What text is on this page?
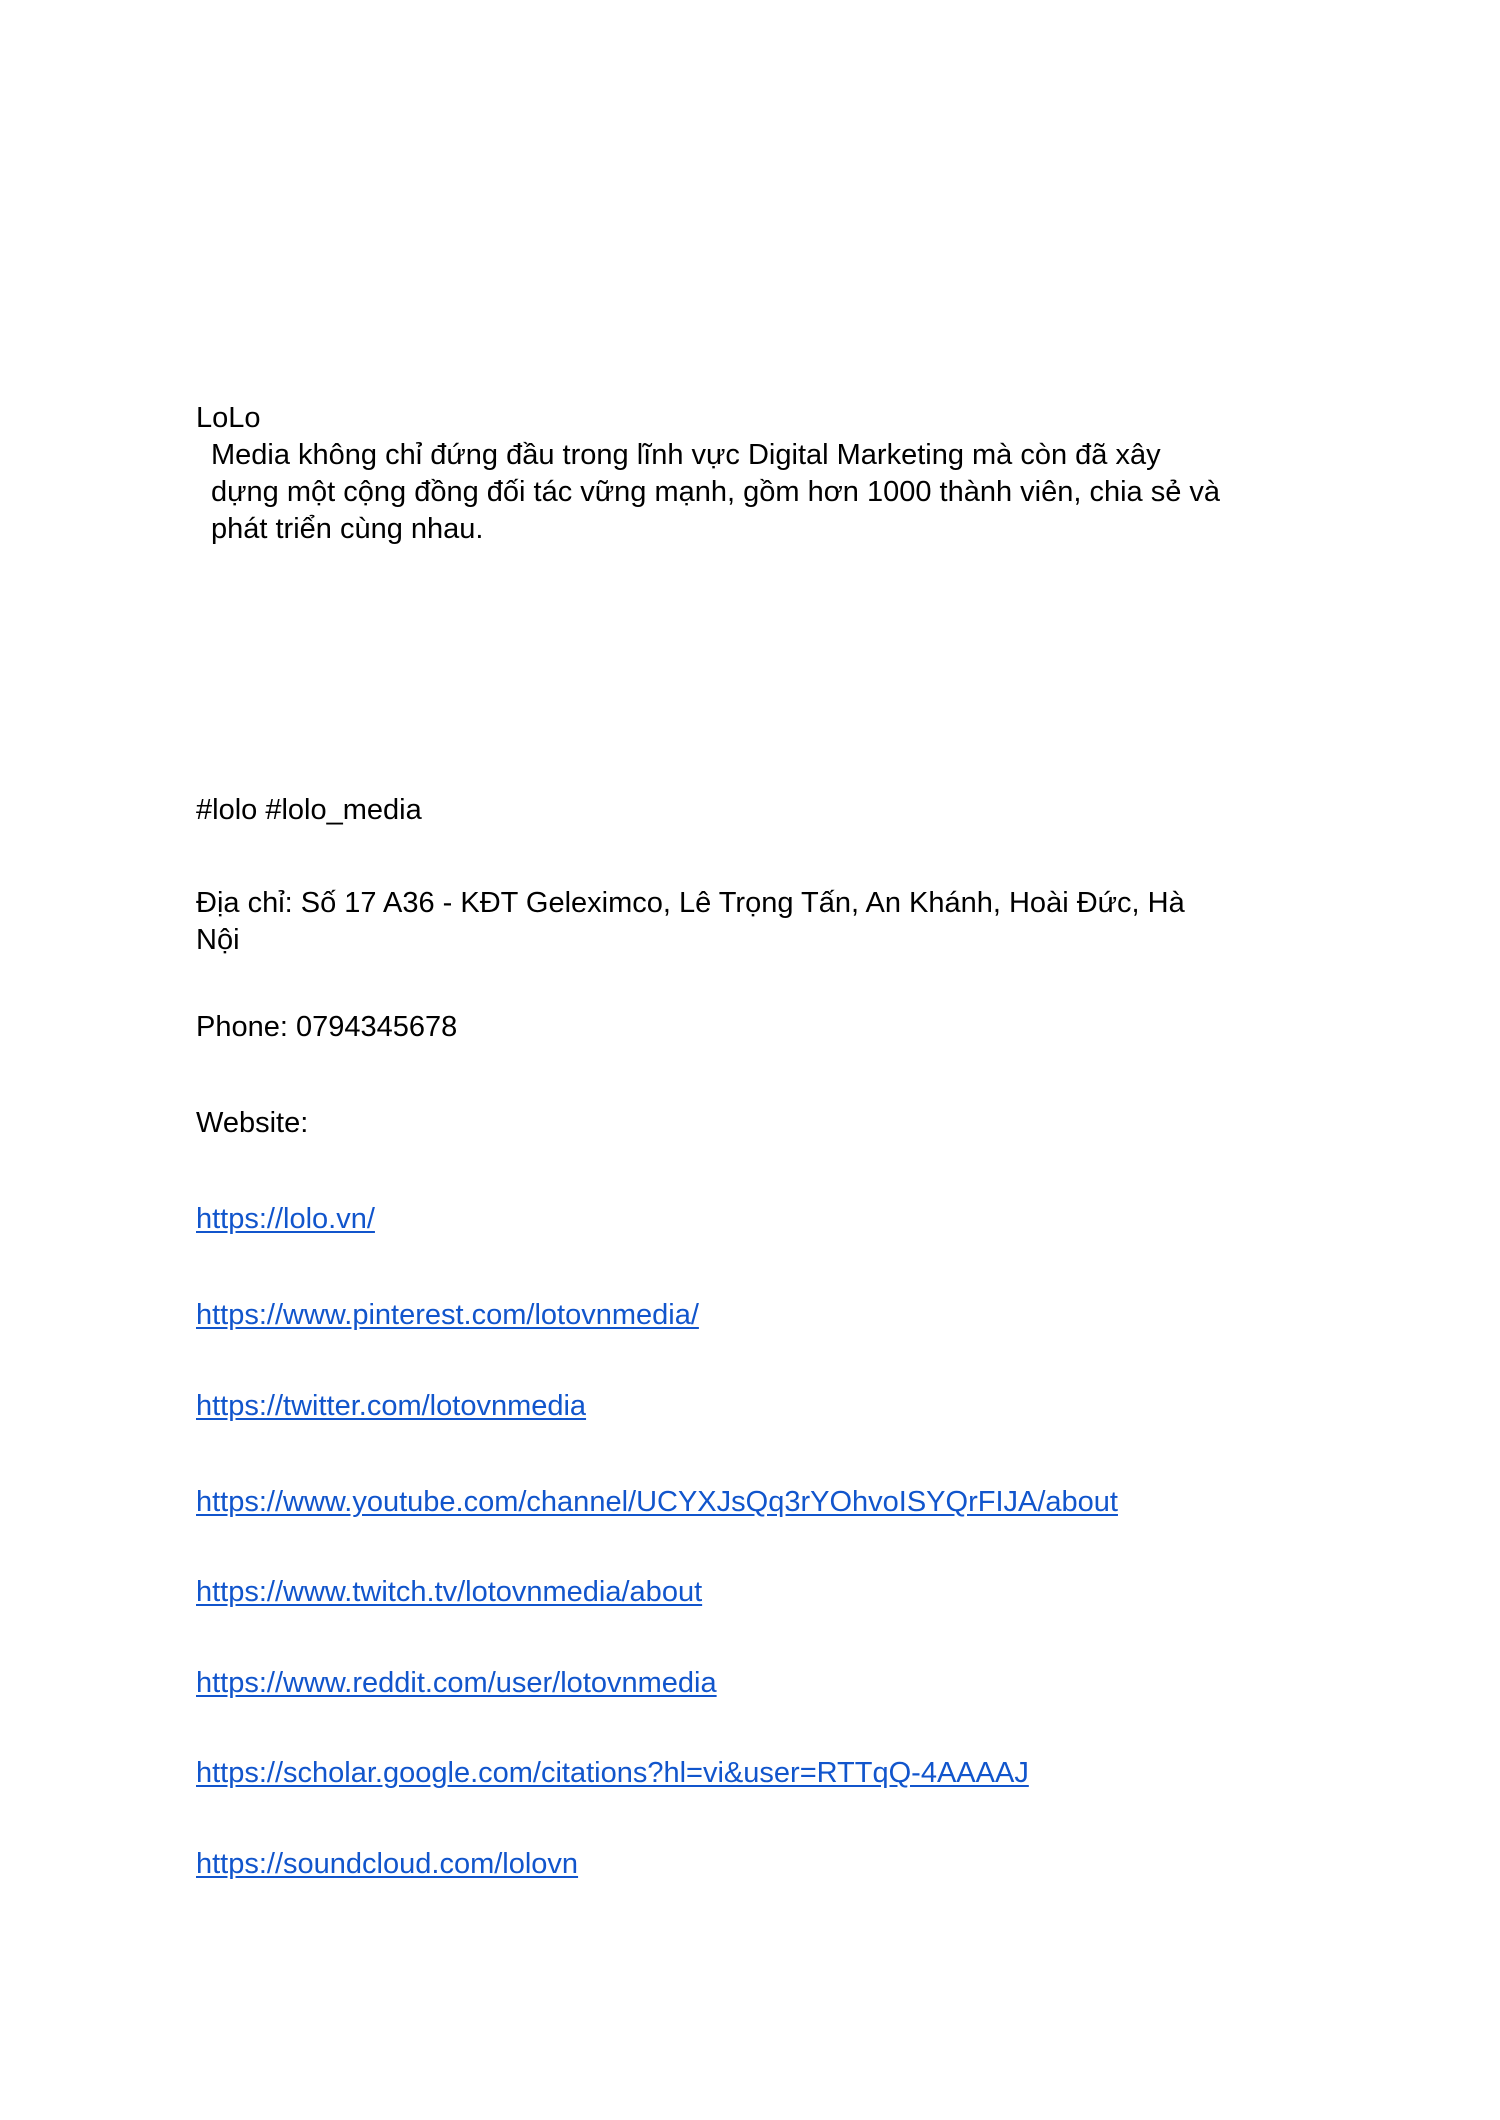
LoLo

Media không chỉ đứng đầu trong lĩnh vực Digital Marketing mà còn đã xây dựng một cộng đồng đối tác vững mạnh, gồm hơn 1000 thành viên, chia sẻ và phát triển cùng nhau.

#lolo #lolo_media

Địa chỉ: Số 17 A36 - KĐT Geleximco, Lê Trọng Tấn, An Khánh, Hoài Đức, Hà Nội

Phone: 0794345678

Website:

https://lolo.vn/
https://www.pinterest.com/lotovnmedia/
https://twitter.com/lotovnmedia
https://www.youtube.com/channel/UCYXJsQq3rYOhvoISYQrFIJA/about
https://www.twitch.tv/lotovnmedia/about
https://www.reddit.com/user/lotovnmedia
https://scholar.google.com/citations?hl=vi&user=RTTqQ-4AAAAJ
https://soundcloud.com/lolovn
